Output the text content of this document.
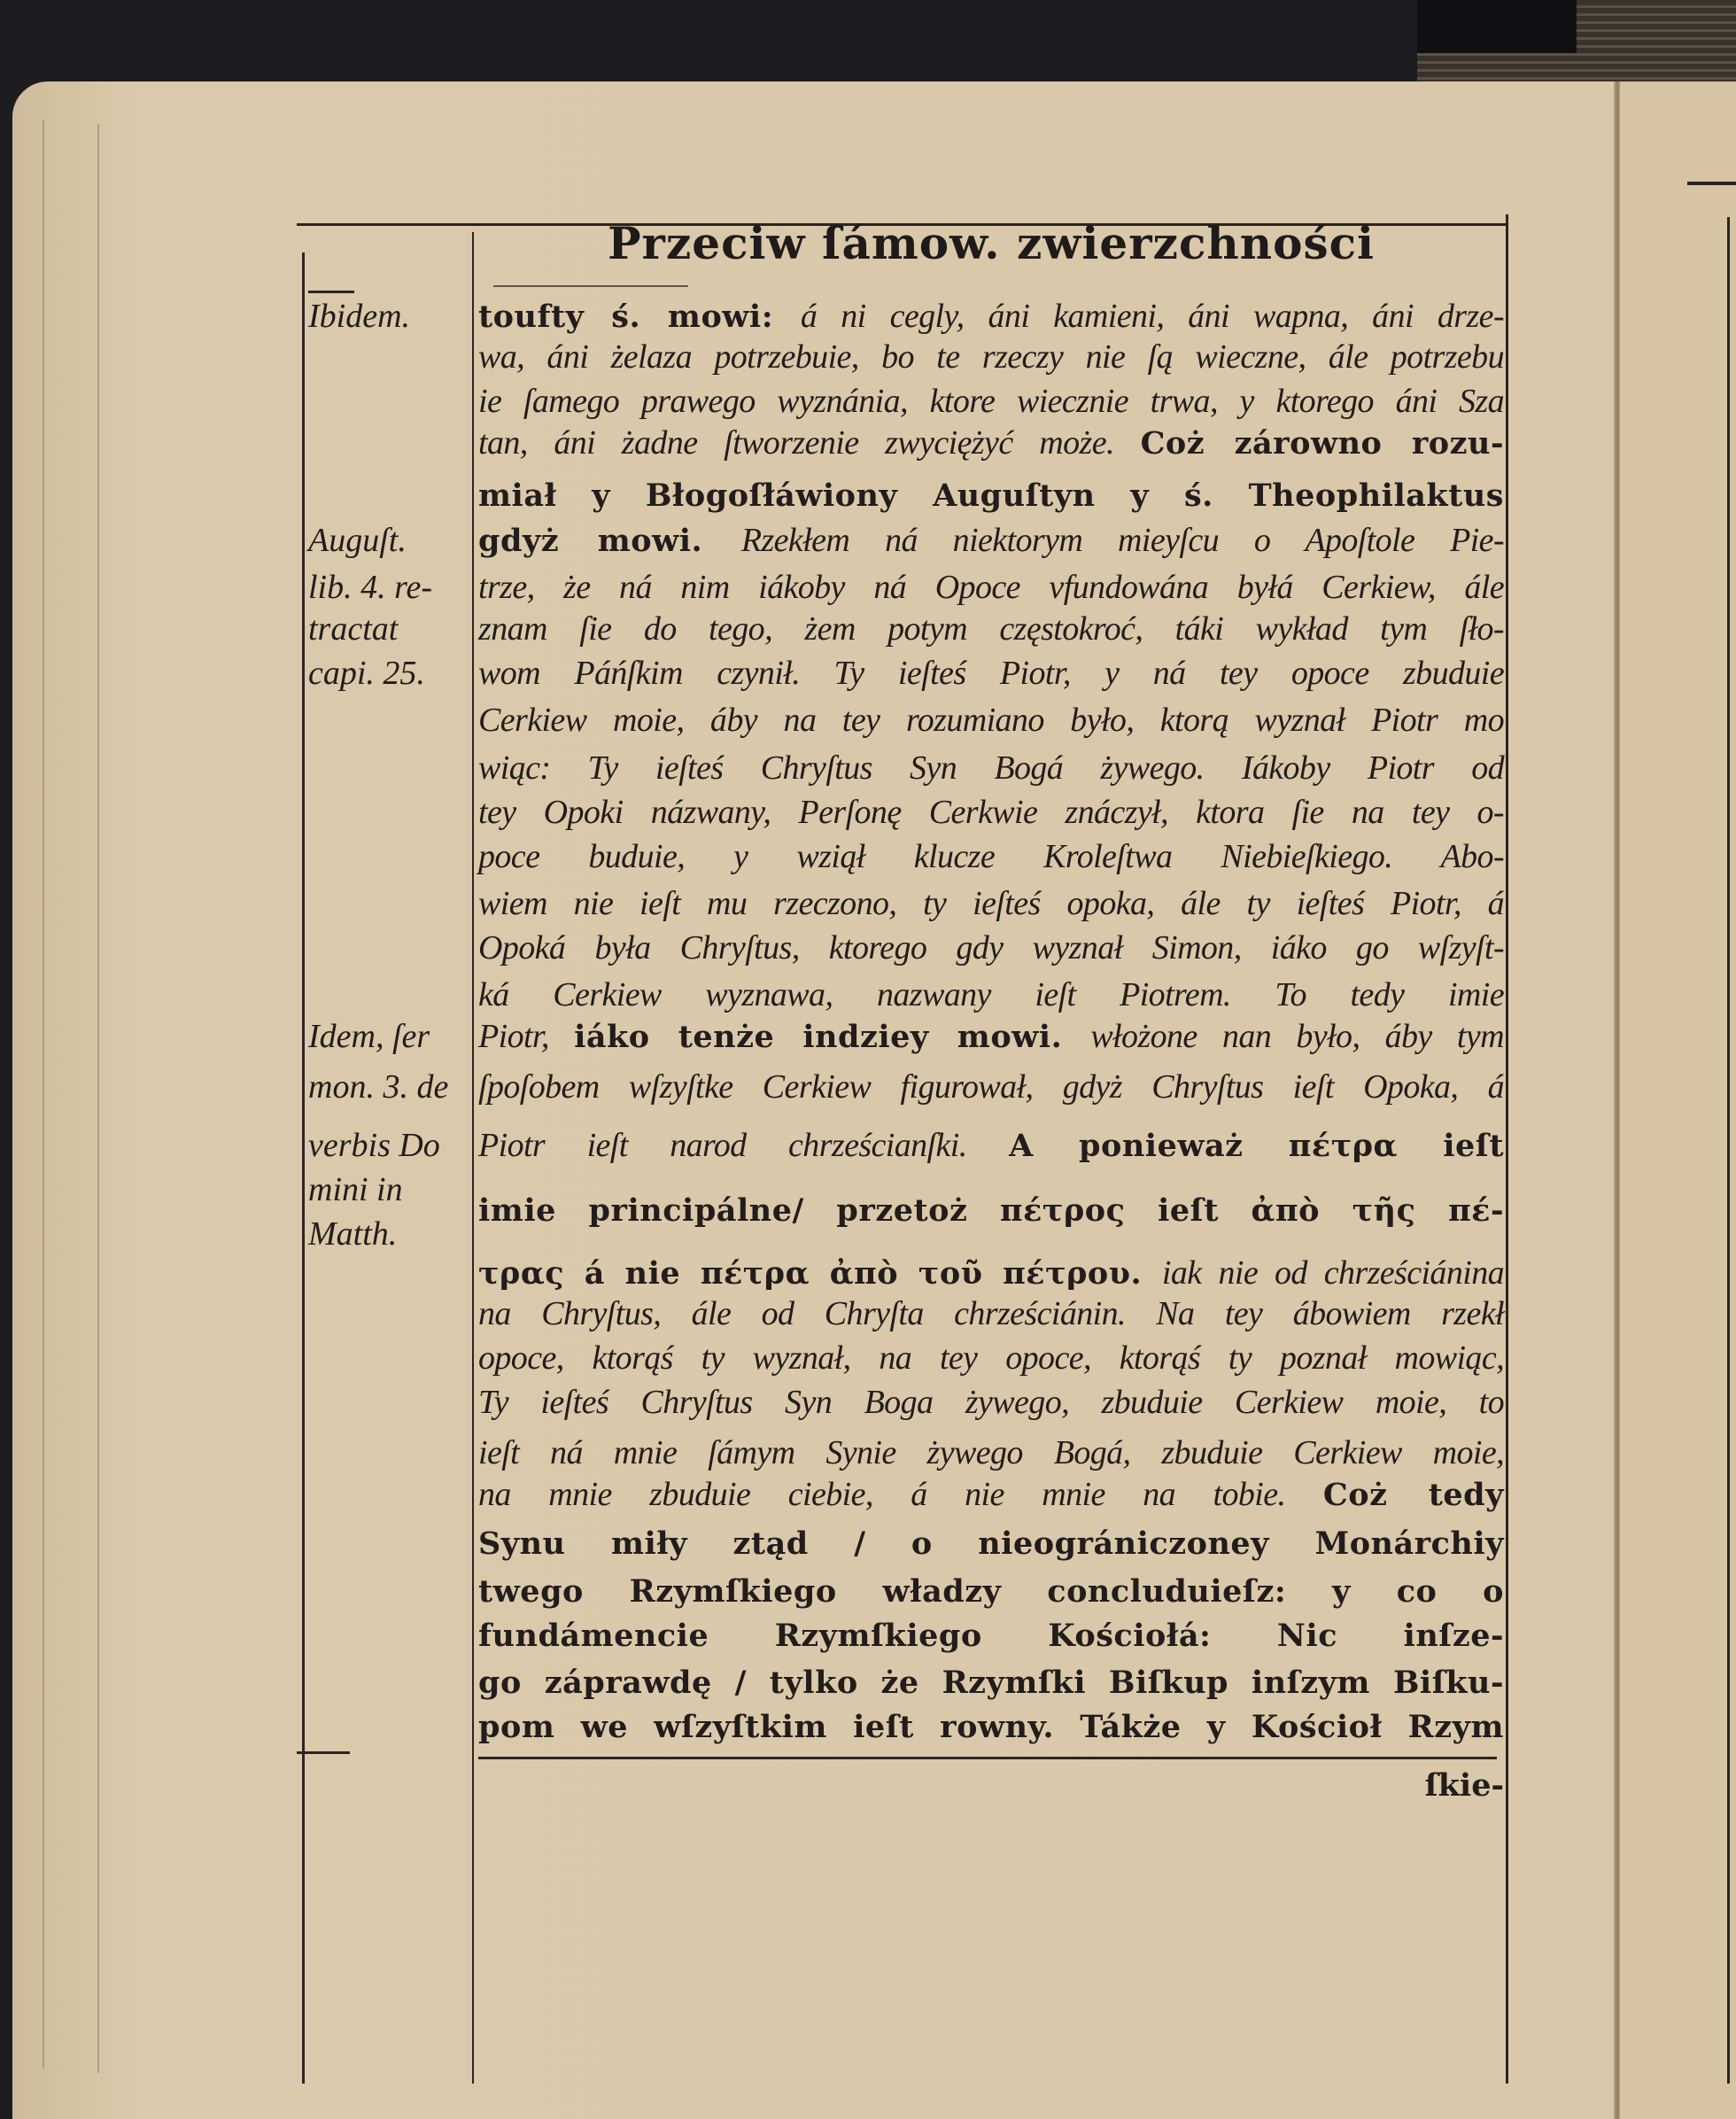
Przeciw ſámow. zwierzchności
Ibidem.
Auguſt.
lib. 4. re-
tractat
capi. 25.
Idem, ſer
mon. 3. de
verbis Do
mini in
Matth.
toufty ś. mowi: á ni cegly, áni kamieni, áni wapna, áni drze-
wa, áni żelaza potrzebuie, bo te rzeczy nie ſą wieczne, ále potrzebu
ie ſamego prawego wyznánia, ktore wiecznie trwa, y ktorego áni Sza
tan, áni żadne ſtworzenie zwyciężyć może. Coż zárowno rozu-
miał y Błogoſłáwiony Auguſtyn y ś. Theophilaktus
gdyż mowi. Rzekłem ná niektorym mieyſcu o Apoſtole Pie-
trze, że ná nim iákoby ná Opoce vfundowána byłá Cerkiew, ále
znam ſie do tego, żem potym częstokroć, táki wykład tym ſło-
wom Páńſkim czynił. Ty ieſteś Piotr, y ná tey opoce zbuduie
Cerkiew moie, áby na tey rozumiano było, ktorą wyznał Piotr mo
wiąc: Ty ieſteś Chryſtus Syn Bogá żywego. Iákoby Piotr od
tey Opoki názwany, Perſonę Cerkwie znáczył, ktora ſie na tey o-
poce buduie, y wziął klucze Kroleſtwa Niebieſkiego. Abo-
wiem nie ieſt mu rzeczono, ty ieſteś opoka, ále ty ieſteś Piotr, á
Opoká była Chryſtus, ktorego gdy wyznał Simon, iáko go wſzyſt-
ká Cerkiew wyznawa, nazwany ieſt Piotrem. To tedy imie
Piotr, iáko tenże indziey mowi. włożone nan było, áby tym
ſpoſobem wſzyſtke Cerkiew figurował, gdyż Chryſtus ieſt Opoka, á
Piotr ieſt narod chrześcianſki. A ponieważ πέτρα ieſt
imie principálne/ przetoż πέτρος ieſt ἀπὸ τῆς πέ-
τρας á nie πέτρα ἀπὸ τοῦ πέτρου. iak nie od chrześciánina
na Chryſtus, ále od Chryſta chrześciánin. Na tey ábowiem rzekł
opoce, ktorąś ty wyznał, na tey opoce, ktorąś ty poznał mowiąc,
Ty ieſteś Chryſtus Syn Boga żywego, zbuduie Cerkiew moie, to
ieſt ná mnie ſámym Synie żywego Bogá, zbuduie Cerkiew moie,
na mnie zbuduie ciebie, á nie mnie na tobie. Coż tedy
Synu miły ztąd / o nieográniczoney Monárchiy
twego Rzymſkiego władzy concluduieſz: y co o
fundámencie Rzymſkiego Kościołá: Nic inſze-
go záprawdę / tylko że Rzymſki Biſkup inſzym Biſku-
pom we wſzyſtkim ieſt rowny. Tákże y Kościoł Rzym
ſkie-
